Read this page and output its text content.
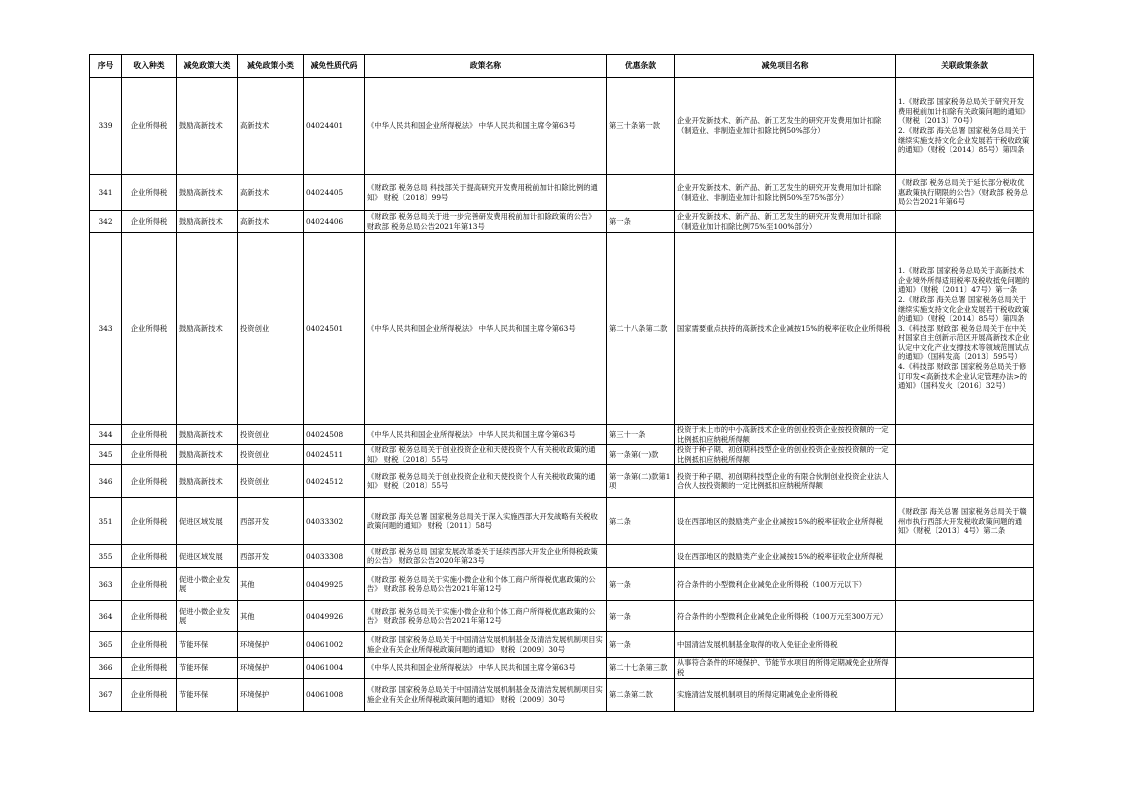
序号	收入种类	减免政策大类	减免政策小类	减免性质代码	政策名称	优惠条款	减免项目名称	关联政策条款
339	企业所得税	鼓励高新技术	高新技术	04024401	《中华人民共和国企业所得税法》 中华人民共和国主席令第63号	第三十条第一款	企业开发新技术、新产品、新工艺发生的研究开发费用加计扣除（制造业、非制造业加计扣除比例50%部分）	1.《财政部 国家税务总局关于研究开发费用税前加计扣除有关政策问题的通知》（财税〔2013〕70号）
2.《财政部 海关总署 国家税务总局关于继续实施支持文化企业发展若干税收政策的通知》（财税〔2014〕85号）第四条
341	企业所得税	鼓励高新技术	高新技术	04024405	《财政部 税务总局 科技部关于提高研究开发费用税前加计扣除比例的通知》 财税〔2018〕99号		企业开发新技术、新产品、新工艺发生的研究开发费用加计扣除（制造业、非制造业加计扣除比例50%至75%部分）	《财政部 税务总局关于延长部分税收优惠政策执行期限的公告》（财政部 税务总局公告2021年第6号
342	企业所得税	鼓励高新技术	高新技术	04024406	《财政部 税务总局关于进一步完善研发费用税前加计扣除政策的公告》 财政部 税务总局公告2021年第13号	第一条	企业开发新技术、新产品、新工艺发生的研究开发费用加计扣除（制造业加计扣除比例75%至100%部分）	
343	企业所得税	鼓励高新技术	投资创业	04024501	《中华人民共和国企业所得税法》 中华人民共和国主席令第63号	第二十八条第二款	国家需要重点扶持的高新技术企业减按15%的税率征收企业所得税	1.《财政部 国家税务总局关于高新技术企业境外所得适用税率及税收抵免问题的通知》（财税〔2011〕47号）第一条
2.《财政部 海关总署 国家税务总局关于继续实施支持文化企业发展若干税收政策的通知》（财税〔2014〕85号）第四条
3.《科技部 财政部 税务总局关于在中关村国家自主创新示范区开展高新技术企业认定中文化产业支撑技术等领域范围试点的通知》（国科发高〔2013〕595号）
4.《科技部 财政部 国家税务总局关于修订印发<高新技术企业认定管理办法>的通知》（国科发火〔2016〕32号）
344	企业所得税	鼓励高新技术	投资创业	04024508	《中华人民共和国企业所得税法》 中华人民共和国主席令第63号	第三十一条	投资于未上市的中小高新技术企业的创业投资企业按投资额的一定比例抵扣应纳税所得额	
345	企业所得税	鼓励高新技术	投资创业	04024511	《财政部 税务总局关于创业投资企业和天使投资个人有关税收政策的通知》 财税〔2018〕55号	第一条第(一)款	投资于种子期、初创期科技型企业的创业投资企业按投资额的一定比例抵扣应纳税所得额	
346	企业所得税	鼓励高新技术	投资创业	04024512	《财政部 税务总局关于创业投资企业和天使投资个人有关税收政策的通知》 财税〔2018〕55号	第一条第(二)款第1项	投资于种子期、初创期科技型企业的有限合伙制创业投资企业法人合伙人按投资额的一定比例抵扣应纳税所得额	
351	企业所得税	促进区域发展	西部开发	04033302	《财政部 海关总署 国家税务总局关于深入实施西部大开发战略有关税收政策问题的通知》 财税〔2011〕58号	第二条	设在西部地区的鼓励类产业企业减按15%的税率征收企业所得税	《财政部 海关总署 国家税务总局关于赣州市执行西部大开发税收政策问题的通知》（财税〔2013〕4号）第二条
355	企业所得税	促进区域发展	西部开发	04033308	《财政部 税务总局 国家发展改革委关于延续西部大开发企业所得税政策的公告》 财政部公告2020年第23号		设在西部地区的鼓励类产业企业减按15%的税率征收企业所得税	
363	企业所得税	促进小微企业发展	其他	04049925	《财政部 税务总局关于实施小微企业和个体工商户所得税优惠政策的公告》 财政部 税务总局公告2021年第12号	第一条	符合条件的小型微利企业减免企业所得税（100万元以下）	
364	企业所得税	促进小微企业发展	其他	04049926	《财政部 税务总局关于实施小微企业和个体工商户所得税优惠政策的公告》 财政部 税务总局公告2021年第12号	第一条	符合条件的小型微利企业减免企业所得税（100万元至300万元）	
365	企业所得税	节能环保	环境保护	04061002	《财政部 国家税务总局关于中国清洁发展机制基金及清洁发展机制项目实施企业有关企业所得税政策问题的通知》 财税〔2009〕30号	第一条	中国清洁发展机制基金取得的收入免征企业所得税	
366	企业所得税	节能环保	环境保护	04061004	《中华人民共和国企业所得税法》 中华人民共和国主席令第63号	第二十七条第三款	从事符合条件的环境保护、节能节水项目的所得定期减免企业所得税	
367	企业所得税	节能环保	环境保护	04061008	《财政部 国家税务总局关于中国清洁发展机制基金及清洁发展机制项目实施企业有关企业所得税政策问题的通知》 财税〔2009〕30号	第二条第二款	实施清洁发展机制项目的所得定期减免企业所得税	
